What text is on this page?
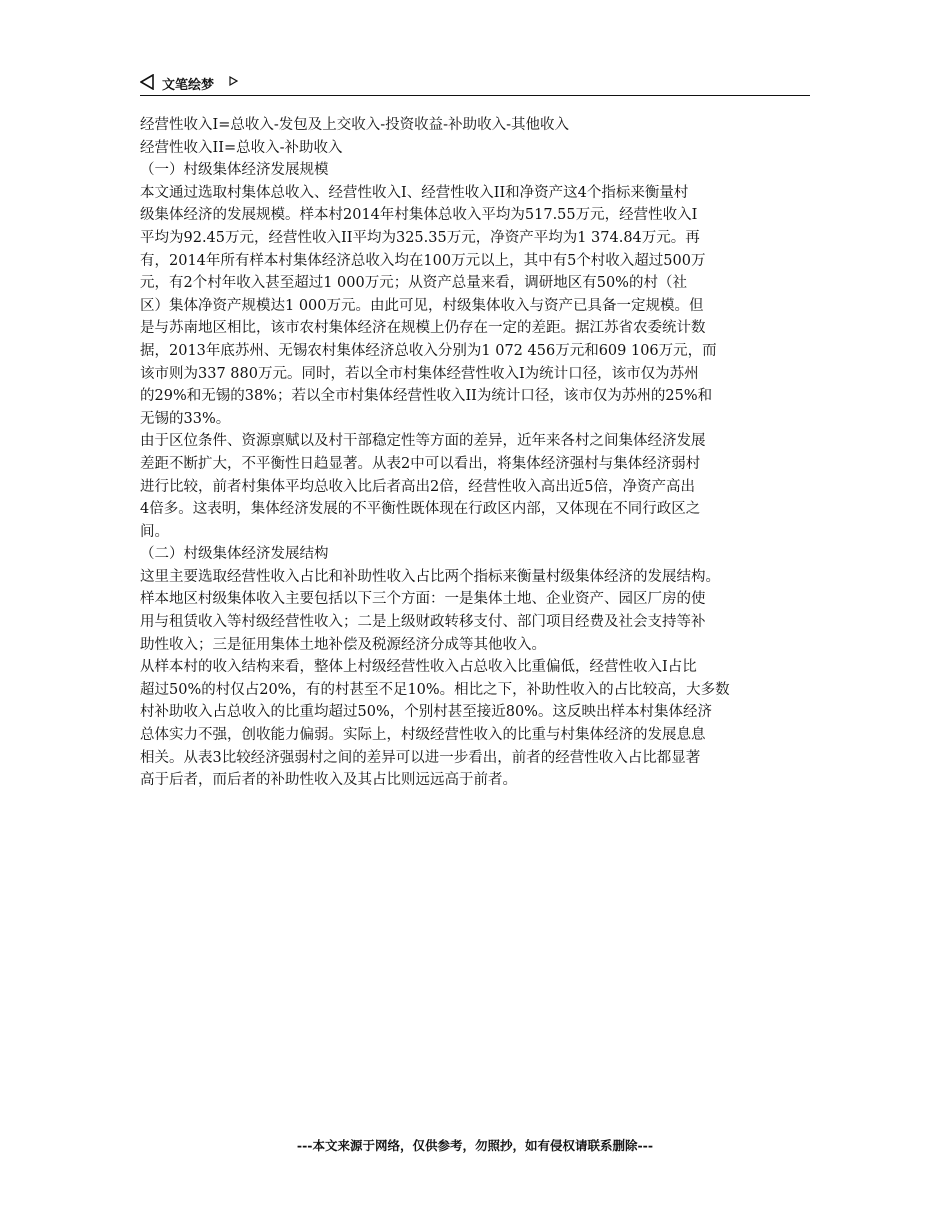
文笔绘梦

经营性收入I=总收入-发包及上交收入-投资收益-补助收入-其他收入

经营性收入II=总收入-补助收入

（一）村级集体经济发展规模

本文通过选取村集体总收入、经营性收入I、经营性收入II和净资产这4个指标来衡量村

级集体经济的发展规模。样本村2014年村集体总收入平均为517.55万元，经营性收入I

平均为92.45万元，经营性收入II平均为325.35万元，净资产平均为1 374.84万元。再

有，2014年所有样本村集体经济总收入均在100万元以上，其中有5个村收入超过500万

元，有2个村年收入甚至超过1 000万元；从资产总量来看，调研地区有50%的村（社

区）集体净资产规模达1 000万元。由此可见，村级集体收入与资产已具备一定规模。但

是与苏南地区相比，该市农村集体经济在规模上仍存在一定的差距。据江苏省农委统计数

据，2013年底苏州、无锡农村集体经济总收入分别为1 072 456万元和609 106万元，而

该市则为337 880万元。同时，若以全市村集体经营性收入I为统计口径，该市仅为苏州

的29%和无锡的38%；若以全市村集体经营性收入II为统计口径，该市仅为苏州的25%和

无锡的33%。

由于区位条件、资源禀赋以及村干部稳定性等方面的差异，近年来各村之间集体经济发展

差距不断扩大，不平衡性日趋显著。从表2中可以看出，将集体经济强村与集体经济弱村

进行比较，前者村集体平均总收入比后者高出2倍，经营性收入高出近5倍，净资产高出

4倍多。这表明，集体经济发展的不平衡性既体现在行政区内部，又体现在不同行政区之

间。

（二）村级集体经济发展结构

这里主要选取经营性收入占比和补助性收入占比两个指标来衡量村级集体经济的发展结构。

样本地区村级集体收入主要包括以下三个方面：一是集体土地、企业资产、园区厂房的使

用与租赁收入等村级经营性收入；二是上级财政转移支付、部门项目经费及社会支持等补

助性收入；三是征用集体土地补偿及税源经济分成等其他收入。

从样本村的收入结构来看，整体上村级经营性收入占总收入比重偏低，经营性收入I占比

超过50%的村仅占20%，有的村甚至不足10%。相比之下，补助性收入的占比较高，大多数

村补助收入占总收入的比重均超过50%，个别村甚至接近80%。这反映出样本村集体经济

总体实力不强，创收能力偏弱。实际上，村级经营性收入的比重与村集体经济的发展息息

相关。从表3比较经济强弱村之间的差异可以进一步看出，前者的经营性收入占比都显著

高于后者，而后者的补助性收入及其占比则远远高于前者。

---本文来源于网络，仅供参考，勿照抄，如有侵权请联系删除---
